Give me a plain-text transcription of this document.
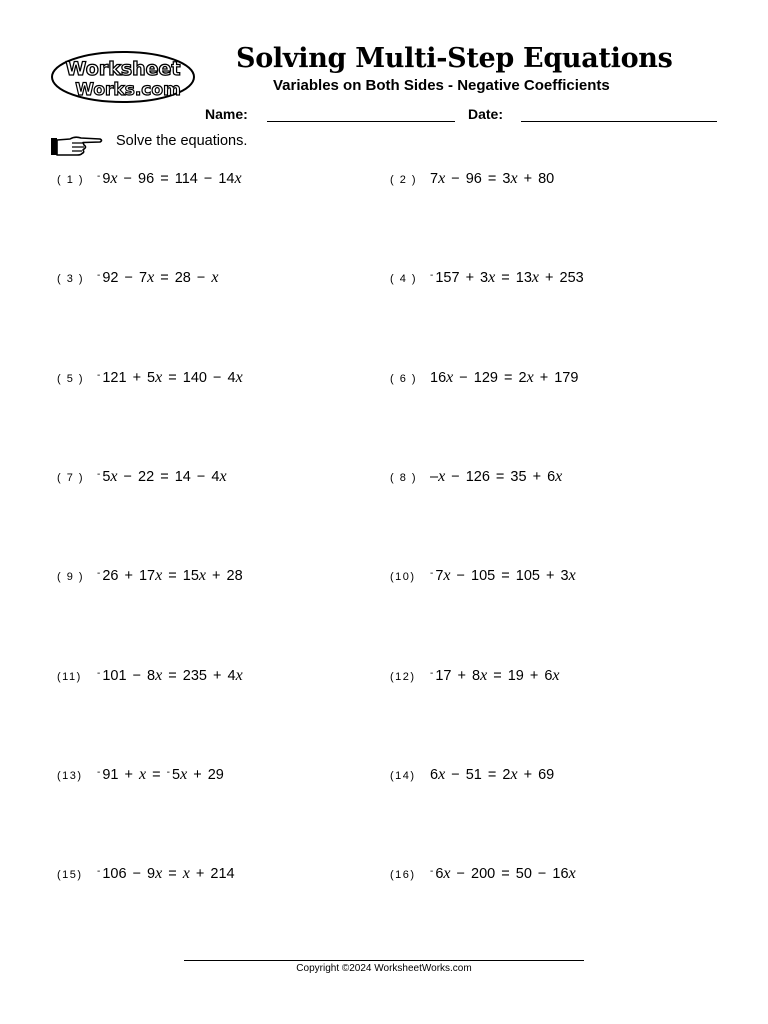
Worksheet
Works.com
Solving Multi-Step Equations
Variables on Both Sides - Negative Coefficients
Name:	Date:
Solve the equations.
( 1 ) - 9x − 96 = 114 − 14x	( 2 ) 7x − 96 = 3x + 80
( 3 ) - 92 − 7x = 28 − x	( 4 ) - 157 + 3x = 13x + 253
( 5 ) - 121 + 5x = 140 − 4x	( 6 ) 16x − 129 = 2x + 179
( 7 ) - 5x − 22 = 14 − 4x	( 8 ) –x − 126 = 35 + 6x
( 9 ) - 26 + 17x = 15x + 28	(10) - 7x − 105 = 105 + 3x
(11) - 101 − 8x = 235 + 4x	(12) - 17 + 8x = 19 + 6x
(13) - 91 + x = - 5x + 29	(14) 6x − 51 = 2x + 69
(15) - 106 − 9x = x + 214	(16) - 6x − 200 = 50 − 16x
Copyright ©2024 WorksheetWorks.com
